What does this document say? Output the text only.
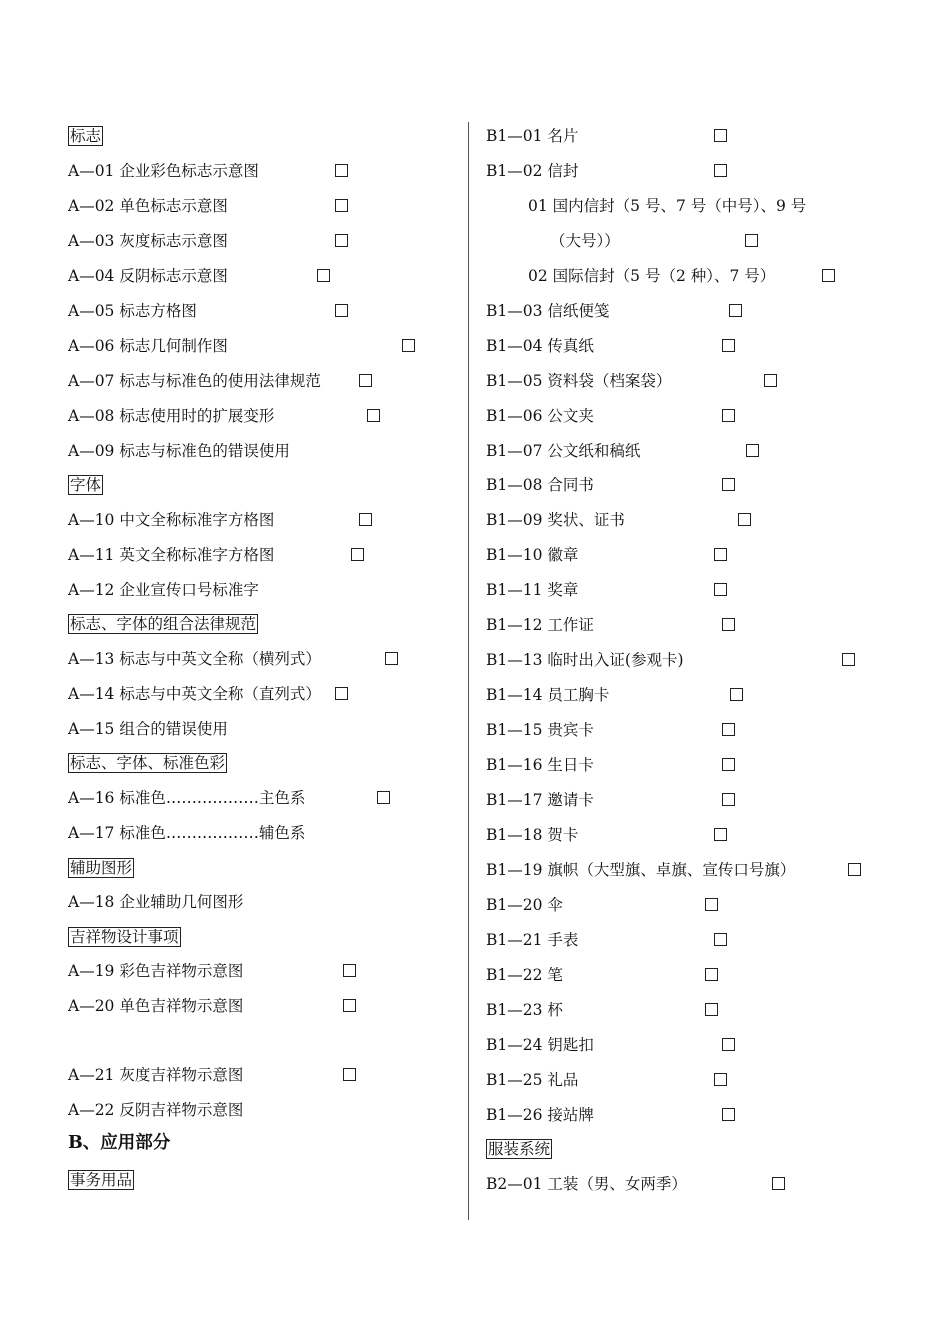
标志
A—01 企业彩色标志示意图
A—02 单色标志示意图
A—03 灰度标志示意图
A—04 反阴标志示意图
A—05 标志方格图
A—06 标志几何制作图
A—07 标志与标准色的使用法律规范
A—08 标志使用时的扩展变形
A—09 标志与标准色的错误使用
字体
A—10 中文全称标准字方格图
A—11 英文全称标准字方格图
A—12 企业宣传口号标准字
标志、字体的组合法律规范
A—13 标志与中英文全称（横列式）
A—14 标志与中英文全称（直列式）
A—15 组合的错误使用
标志、字体、标准色彩
A—16 标准色………………主色系
A—17 标准色………………辅色系
辅助图形
A—18 企业辅助几何图形
吉祥物设计事项
A—19 彩色吉祥物示意图
A—20 单色吉祥物示意图
A—21 灰度吉祥物示意图
A—22 反阴吉祥物示意图
B、应用部分
事务用品
B1—01 名片
B1—02 信封
01 国内信封（5 号、7 号（中号）、9 号
（大号））
02 国际信封（5 号（2 种）、7 号）
B1—03 信纸便笺
B1—04 传真纸
B1—05 资料袋（档案袋）
B1—06 公文夹
B1—07 公文纸和稿纸
B1—08 合同书
B1—09 奖状、证书
B1—10 徽章
B1—11 奖章
B1—12 工作证
B1—13 临时出入证(参观卡)
B1—14 员工胸卡
B1—15 贵宾卡
B1—16 生日卡
B1—17 邀请卡
B1—18 贺卡
B1—19 旗帜（大型旗、卓旗、宣传口号旗）
B1—20 伞
B1—21 手表
B1—22 笔
B1—23 杯
B1—24 钥匙扣
B1—25 礼品
B1—26 接站牌
服装系统
B2—01 工装（男、女两季）
